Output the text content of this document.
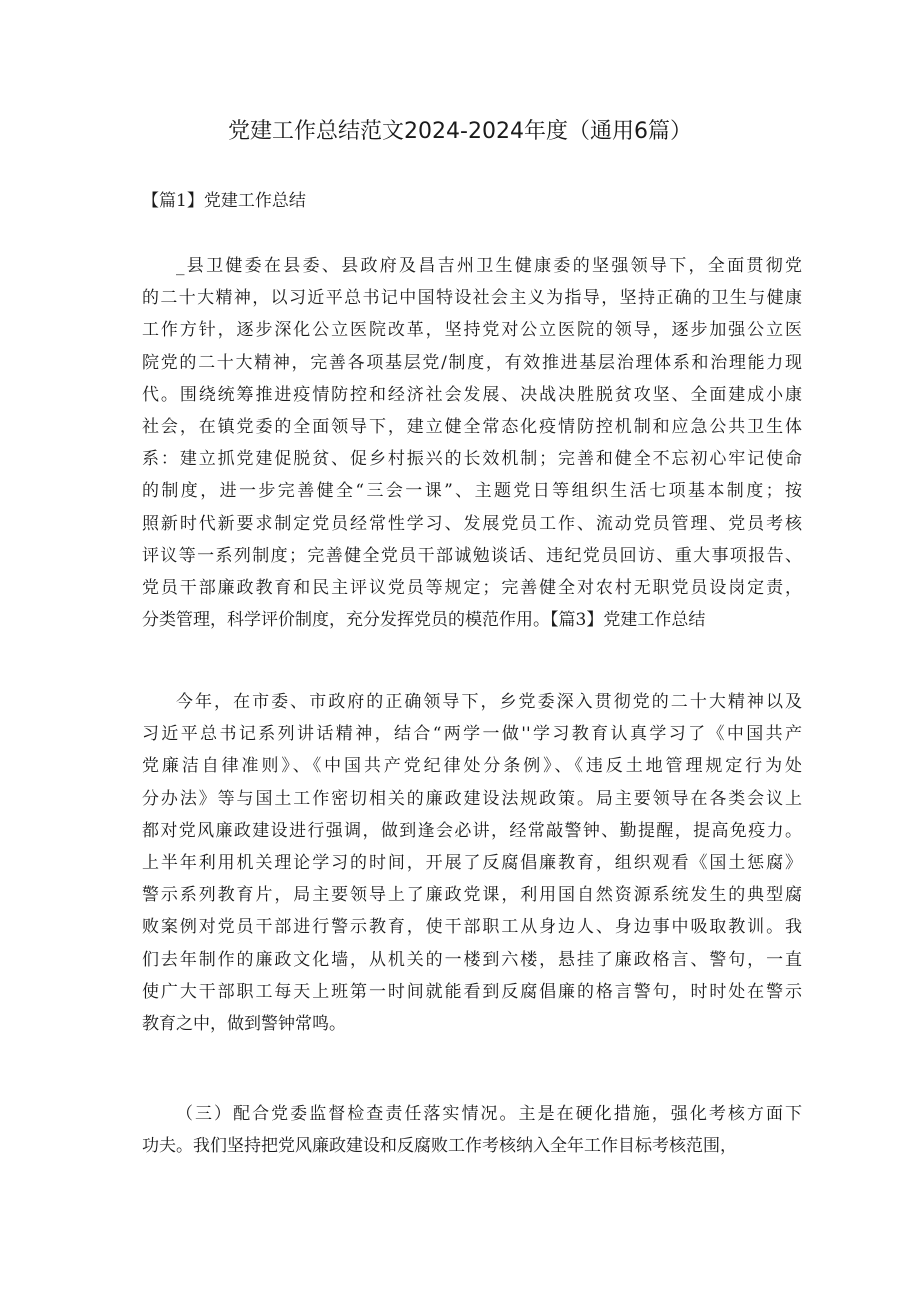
党建工作总结范文2024-2024年度（通用6篇）
【篇1】党建工作总结
_县卫健委在县委、县政府及昌吉州卫生健康委的坚强领导下，全面贯彻党
的二十大精神，以习近平总书记中国特设社会主义为指导，坚持正确的卫生与健康
工作方针，逐步深化公立医院改革，坚持党对公立医院的领导，逐步加强公立医
院党的二十大精神，完善各项基层党/制度，有效推进基层治理体系和治理能力现
代。围绕统筹推进疫情防控和经济社会发展、决战决胜脱贫攻坚、全面建成小康
社会，在镇党委的全面领导下，建立健全常态化疫情防控机制和应急公共卫生体
系：建立抓党建促脱贫、促乡村振兴的长效机制；完善和健全不忘初心牢记使命
的制度，进一步完善健全“三会一课”、主题党日等组织生活七项基本制度；按
照新时代新要求制定党员经常性学习、发展党员工作、流动党员管理、党员考核
评议等一系列制度；完善健全党员干部诚勉谈话、违纪党员回访、重大事项报告、
党员干部廉政教育和民主评议党员等规定；完善健全对农村无职党员设岗定责，
分类管理，科学评价制度，充分发挥党员的模范作用。【篇3】党建工作总结
今年，在市委、市政府的正确领导下，乡党委深入贯彻党的二十大精神以及
习近平总书记系列讲话精神，结合“两学一做''学习教育认真学习了《中国共产
党廉洁自律准则》、《中国共产党纪律处分条例》、《违反土地管理规定行为处
分办法》等与国土工作密切相关的廉政建设法规政策。局主要领导在各类会议上
都对党风廉政建设进行强调，做到逢会必讲，经常敲警钟、勤提醒，提高免疫力。
上半年利用机关理论学习的时间，开展了反腐倡廉教育，组织观看《国土惩腐》
警示系列教育片，局主要领导上了廉政党课，利用国自然资源系统发生的典型腐
败案例对党员干部进行警示教育，使干部职工从身边人、身边事中吸取教训。我
们去年制作的廉政文化墙，从机关的一楼到六楼，悬挂了廉政格言、警句，一直
使广大干部职工每天上班第一时间就能看到反腐倡廉的格言警句，时时处在警示
教育之中，做到警钟常鸣。
（三）配合党委监督检查责任落实情况。主是在硬化措施，强化考核方面下
功夫。我们坚持把党风廉政建设和反腐败工作考核纳入全年工作目标考核范围，
